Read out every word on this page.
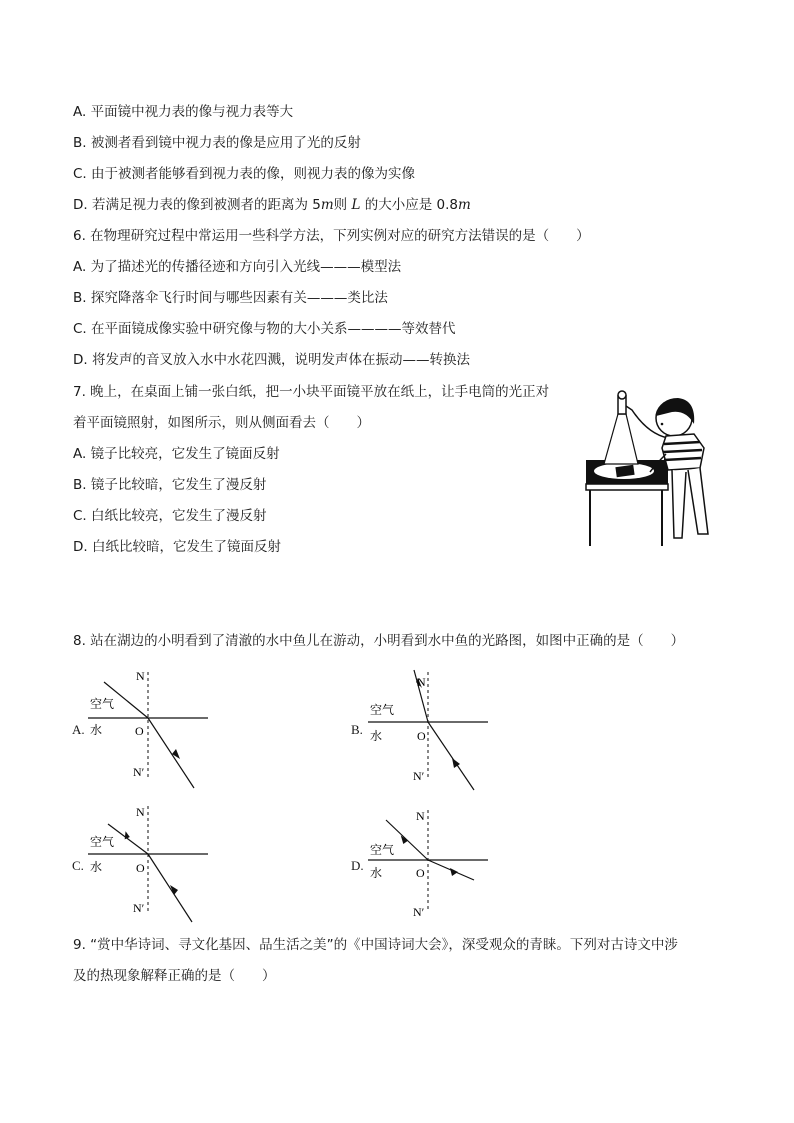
A. 平面镜中视力表的像与视力表等大
B. 被测者看到镜中视力表的像是应用了光的反射
C. 由于被测者能够看到视力表的像，则视力表的像为实像
D. 若满足视力表的像到被测者的距离为 5m则 L 的大小应是 0.8m
6. 在物理研究过程中常运用一些科学方法，下列实例对应的研究方法错误的是（　　）
A. 为了描述光的传播径迹和方向引入光线———模型法
B. 探究降落伞飞行时间与哪些因素有关———类比法
C. 在平面镜成像实验中研究像与物的大小关系————等效替代
D. 将发声的音叉放入水中水花四溅，说明发声体在振动——转换法
7. 晚上，在桌面上铺一张白纸，把一小块平面镜平放在纸上，让手电筒的光正对
着平面镜照射，如图所示，则从侧面看去（　　）
A. 镜子比较亮，它发生了镜面反射
B. 镜子比较暗，它发生了漫反射
C. 白纸比较亮，它发生了漫反射
D. 白纸比较暗，它发生了镜面反射
8. 站在湖边的小明看到了清澈的水中鱼儿在游动，小明看到水中鱼的光路图，如图中正确的是（　　）
A.
N
空气
水	O
N′
B.
N
空气
水	O
N′
C.
N
空气
水	O
N′
D.
N
空气
水	O
N′
9. “赏中华诗词、寻文化基因、品生活之美”的《中国诗词大会》，深受观众的青睐。下列对古诗文中涉
及的热现象解释正确的是（　　）
